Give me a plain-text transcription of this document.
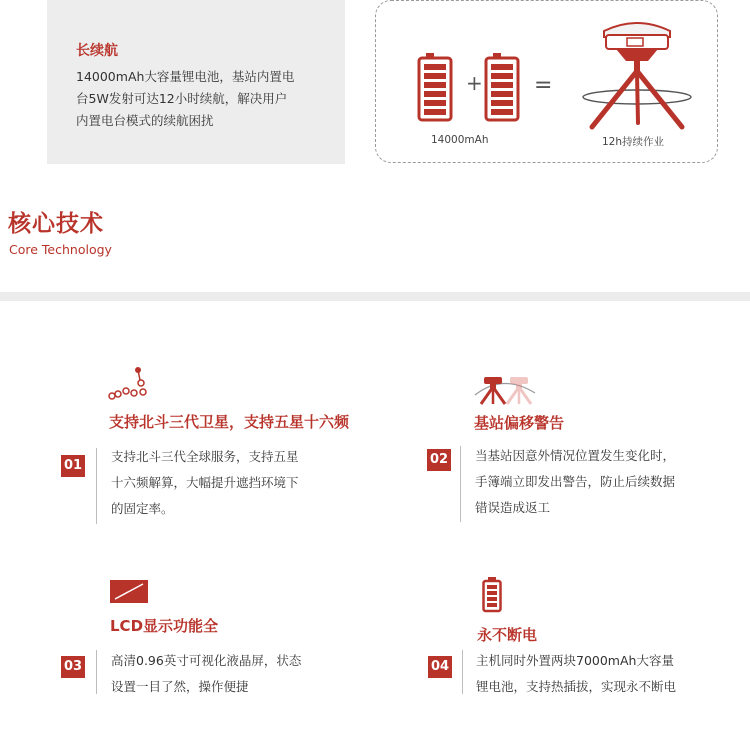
长续航
14000mAh大容量锂电池，基站内置电
台5W发射可达12小时续航，解决用户
内置电台模式的续航困扰
+ =
14000mAh	12h持续作业
核心技术
Core Technology
支持北斗三代卫星，支持五星十六频
01
支持北斗三代全球服务，支持五星
十六频解算，大幅提升遮挡环境下
的固定率。
基站偏移警告
02 当基站因意外情况位置发生变化时，
手簿端立即发出警告，防止后续数据
错误造成返工
LCD显示功能全
03 高清0.96英寸可视化液晶屏，状态
设置一目了然，操作便捷
永不断电
04 主机同时外置两块7000mAh大容量
锂电池，支持热插拔，实现永不断电
